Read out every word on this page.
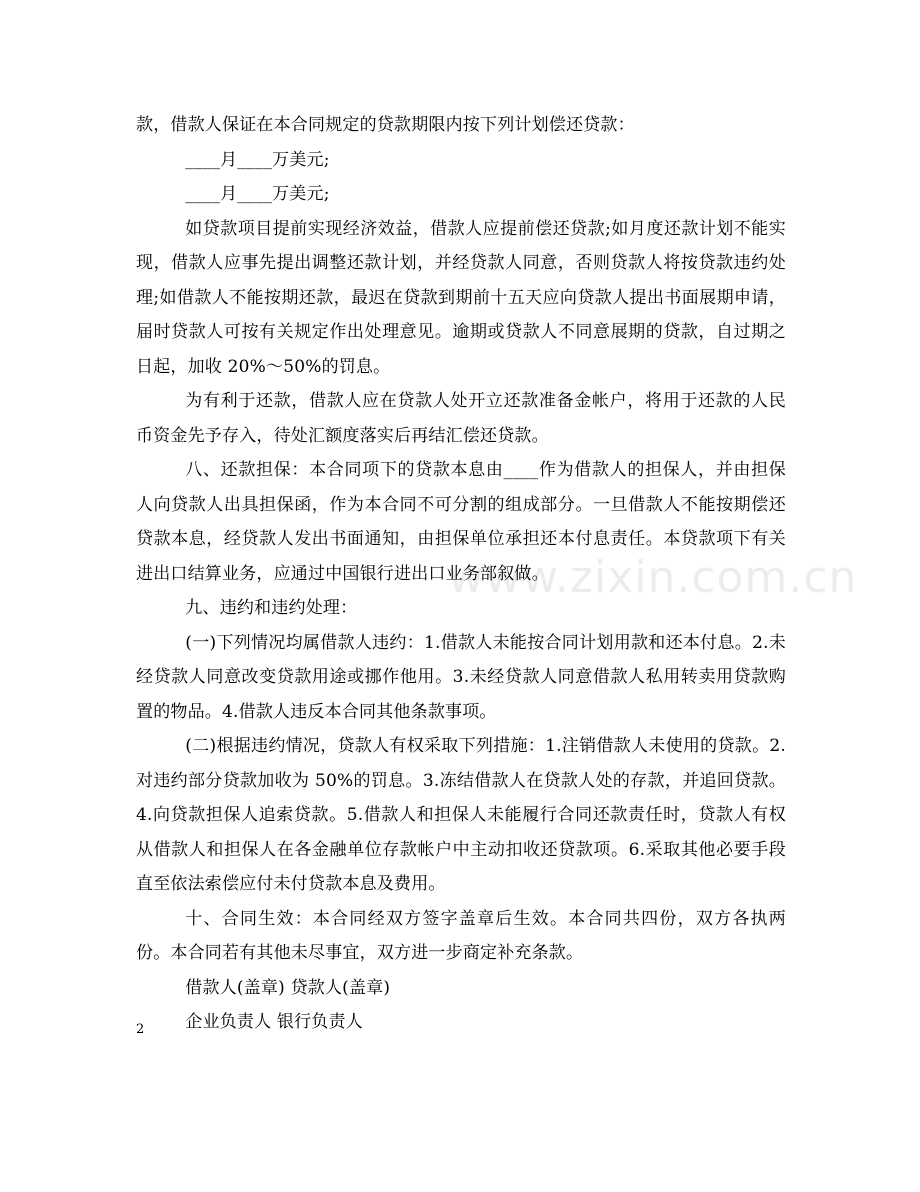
款，借款人保证在本合同规定的贷款期限内按下列计划偿还贷款：

____月____万美元;

____月____万美元;

如贷款项目提前实现经济效益，借款人应提前偿还贷款;如月度还款计划不能实现，借款人应事先提出调整还款计划，并经贷款人同意，否则贷款人将按贷款违约处理;如借款人不能按期还款，最迟在贷款到期前十五天应向贷款人提出书面展期申请，届时贷款人可按有关规定作出处理意见。逾期或贷款人不同意展期的贷款，自过期之日起，加收 20%～50%的罚息。

为有利于还款，借款人应在贷款人处开立还款准备金帐户，将用于还款的人民币资金先予存入，待处汇额度落实后再结汇偿还贷款。

八、还款担保：本合同项下的贷款本息由____作为借款人的担保人，并由担保人向贷款人出具担保函，作为本合同不可分割的组成部分。一旦借款人不能按期偿还贷款本息，经贷款人发出书面通知，由担保单位承担还本付息责任。本贷款项下有关进出口结算业务，应通过中国银行进出口业务部叙做。

九、违约和违约处理：

(一)下列情况均属借款人违约：1.借款人未能按合同计划用款和还本付息。2.未经贷款人同意改变贷款用途或挪作他用。3.未经贷款人同意借款人私用转卖用贷款购置的物品。4.借款人违反本合同其他条款事项。

(二)根据违约情况，贷款人有权采取下列措施：1.注销借款人未使用的贷款。2.对违约部分贷款加收为 50%的罚息。3.冻结借款人在贷款人处的存款，并追回贷款。4.向贷款担保人追索贷款。5.借款人和担保人未能履行合同还款责任时，贷款人有权从借款人和担保人在各金融单位存款帐户中主动扣收还贷款项。6.采取其他必要手段直至依法索偿应付未付贷款本息及费用。

十、合同生效：本合同经双方签字盖章后生效。本合同共四份，双方各执两份。本合同若有其他未尽事宜，双方进一步商定补充条款。

借款人(盖章) 贷款人(盖章)

企业负责人 银行负责人

www.zixin.com.cn
2
